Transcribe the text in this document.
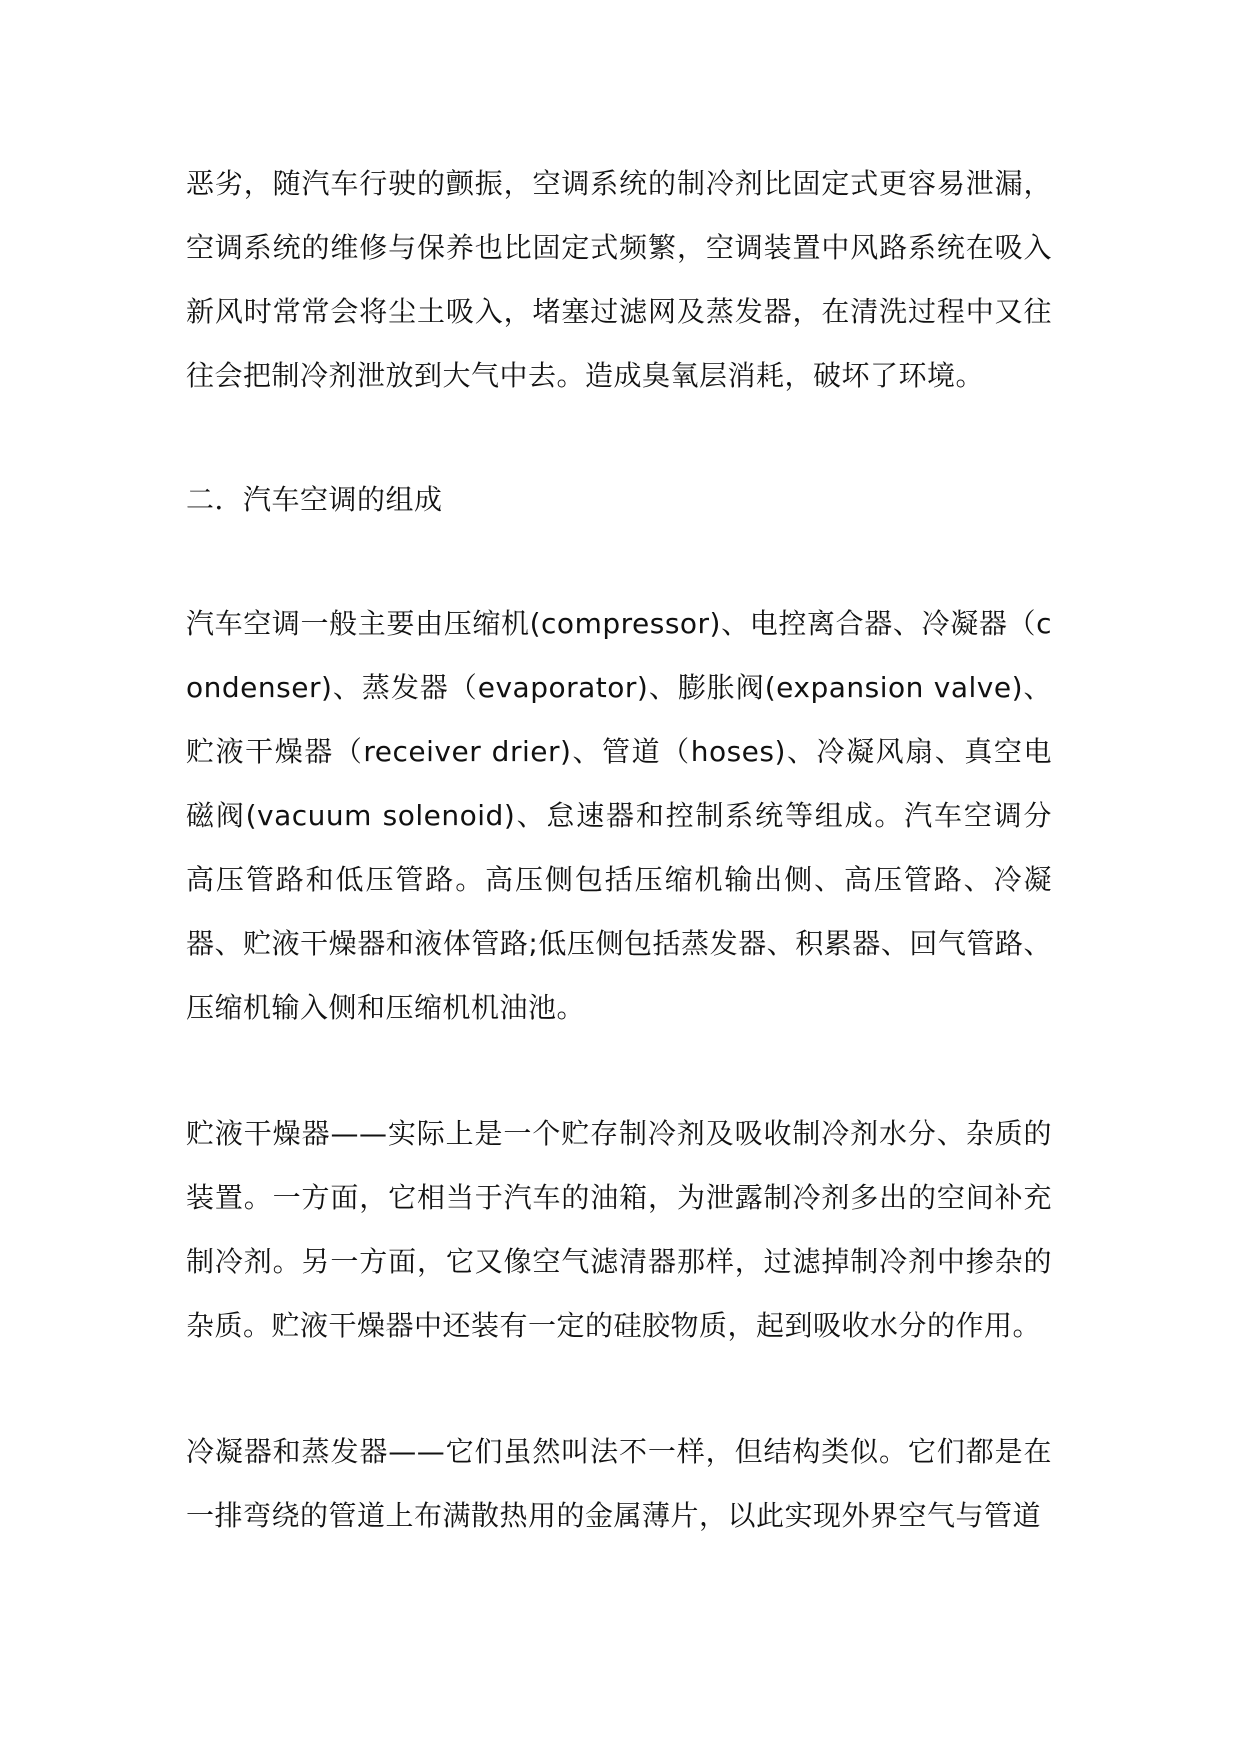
恶劣，随汽车行驶的颤振，空调系统的制冷剂比固定式更容易泄漏，空调系统的维修与保养也比固定式频繁，空调装置中风路系统在吸入新风时常常会将尘土吸入，堵塞过滤网及蒸发器，在清洗过程中又往往会把制冷剂泄放到大气中去。造成臭氧层消耗，破坏了环境。

二．汽车空调的组成

汽车空调一般主要由压缩机(compressor)、电控离合器、冷凝器（condenser)、蒸发器（evaporator)、膨胀阀(expansion valve)、贮液干燥器（receiver drier)、管道（hoses)、冷凝风扇、真空电磁阀(vacuum solenoid)、怠速器和控制系统等组成。汽车空调分高压管路和低压管路。高压侧包括压缩机输出侧、高压管路、冷凝器、贮液干燥器和液体管路;低压侧包括蒸发器、积累器、回气管路、压缩机输入侧和压缩机机油池。

贮液干燥器——实际上是一个贮存制冷剂及吸收制冷剂水分、杂质的装置。一方面，它相当于汽车的油箱，为泄露制冷剂多出的空间补充制冷剂。另一方面，它又像空气滤清器那样，过滤掉制冷剂中掺杂的杂质。贮液干燥器中还装有一定的硅胶物质，起到吸收水分的作用。

冷凝器和蒸发器——它们虽然叫法不一样，但结构类似。它们都是在一排弯绕的管道上布满散热用的金属薄片，以此实现外界空气与管道
